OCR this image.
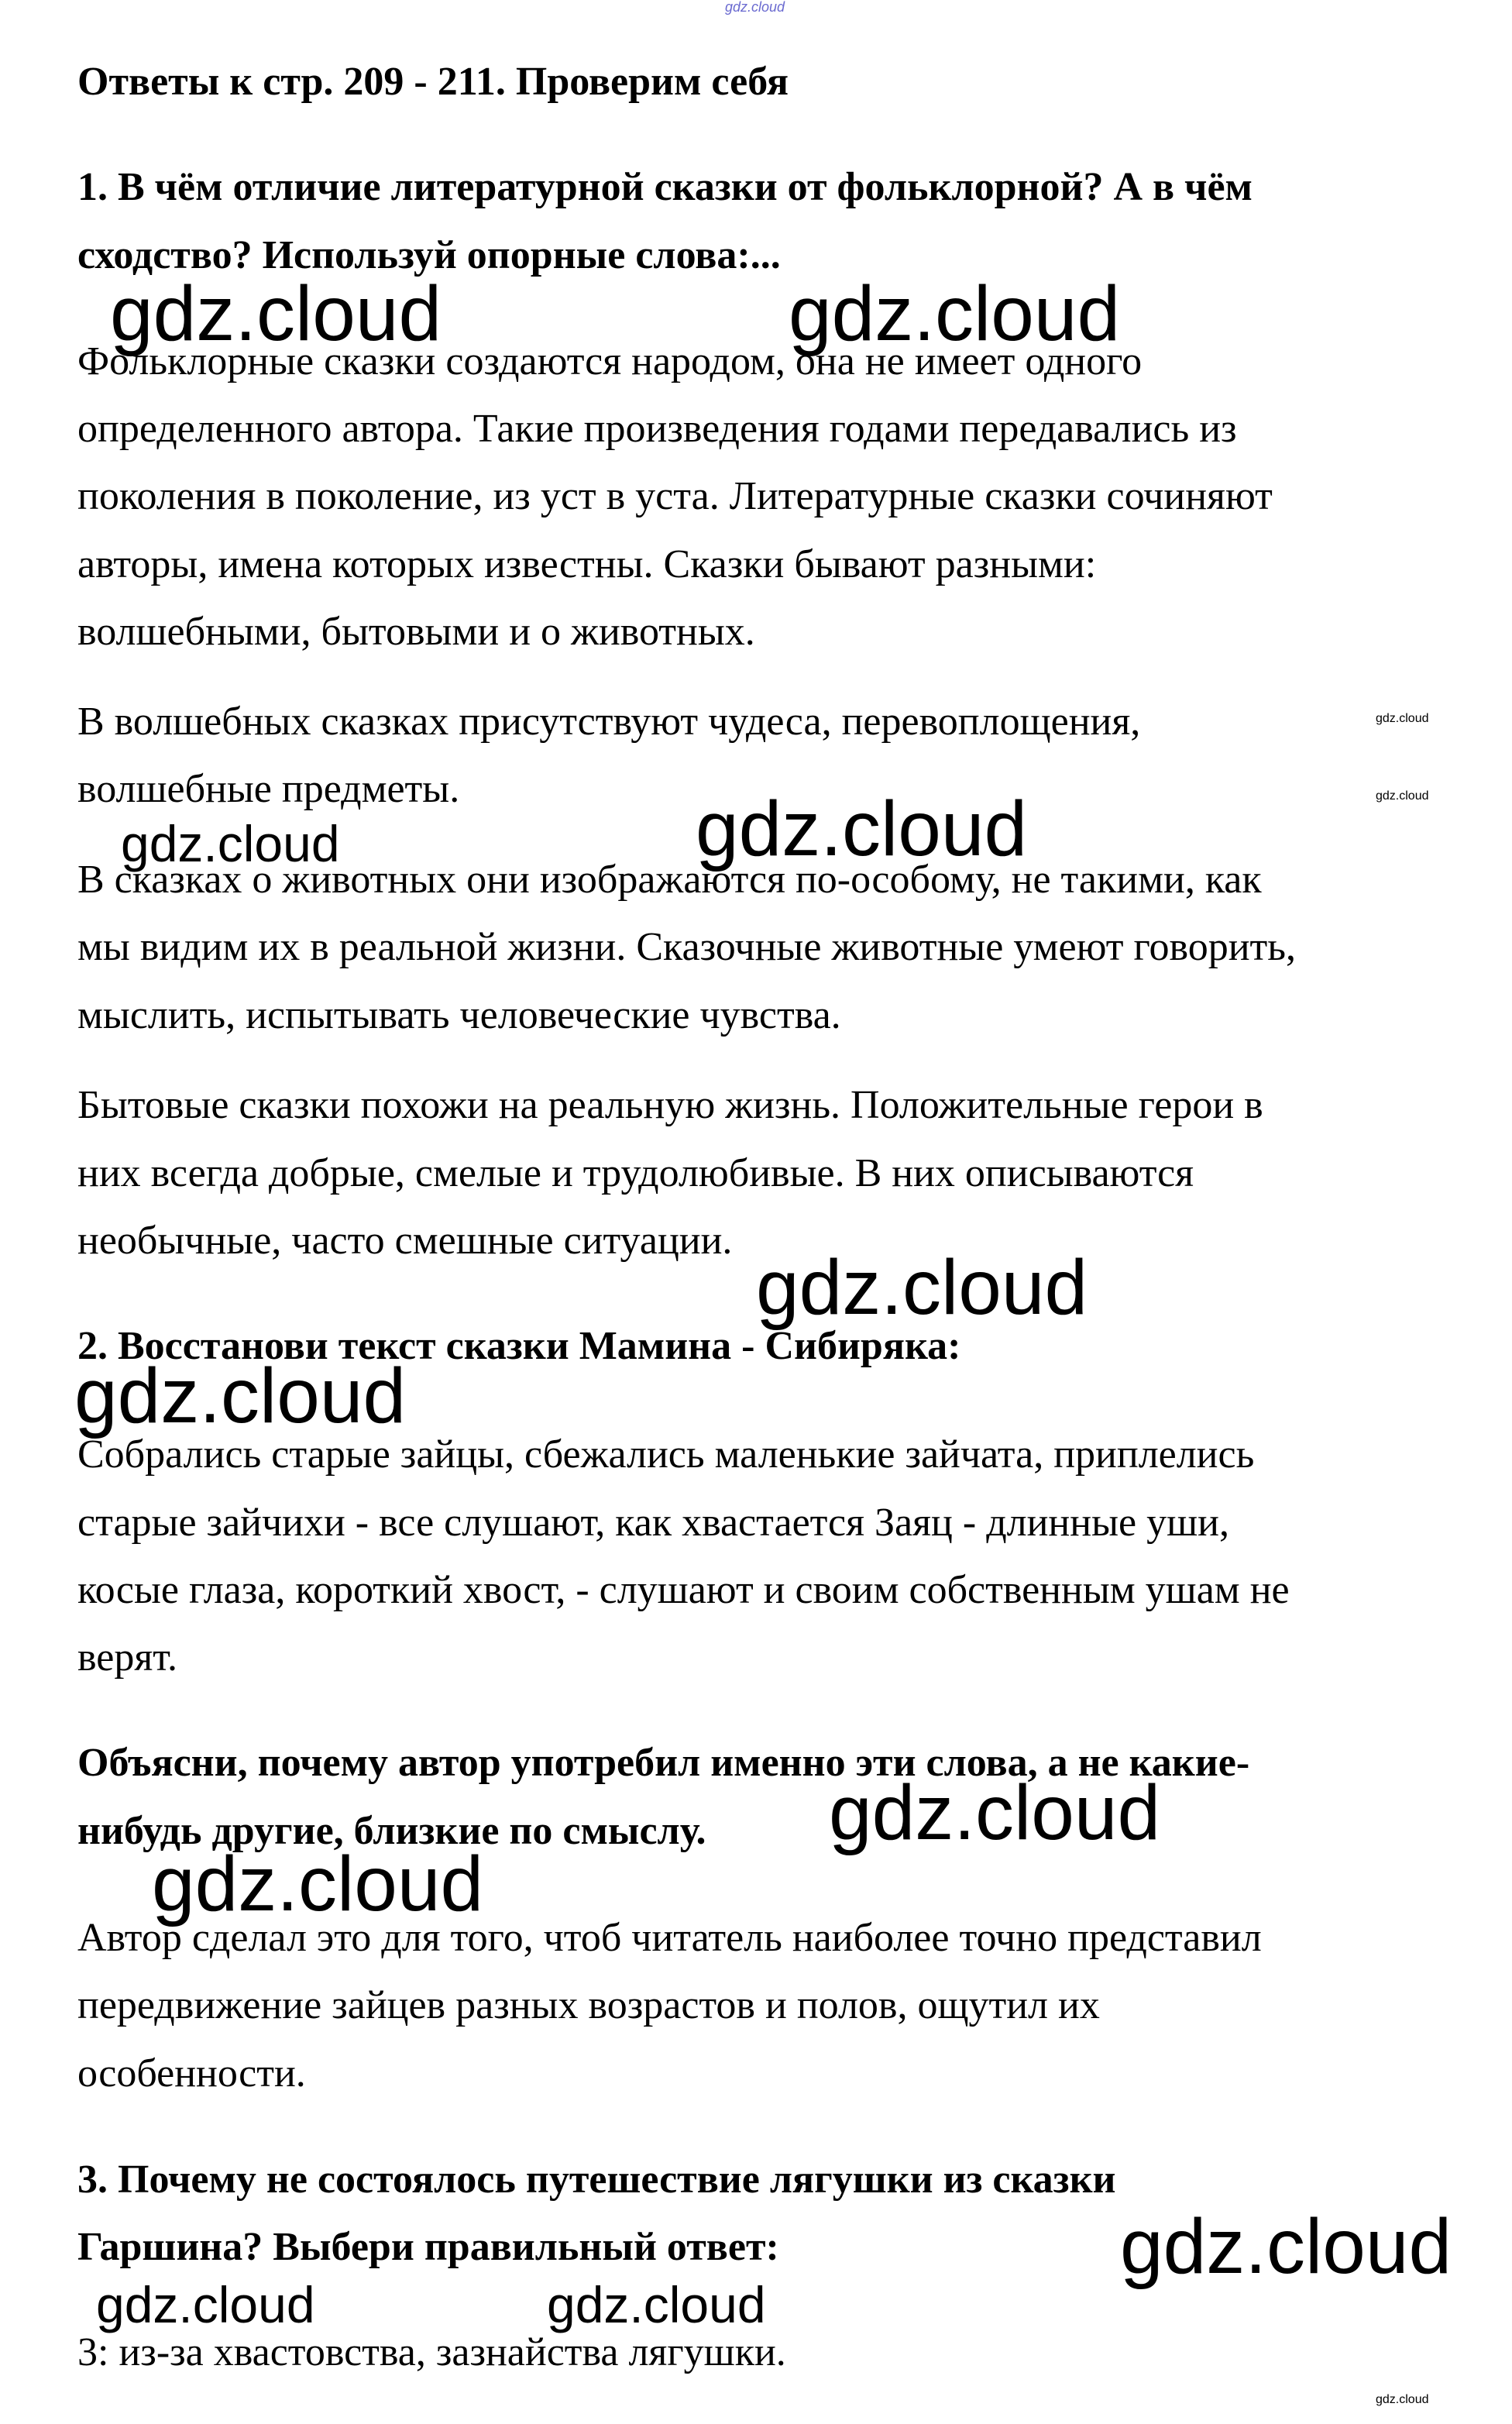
gdz.cloud

Ответы к стр. 209 - 211. Проверим себя

1. В чём отличие литературной сказки от фольклорной? А в чём

сходство? Используй опорные слова:...

Фольклорные сказки создаются народом, она не имеет одного

определенного автора. Такие произведения годами передавались из

поколения в поколение, из уст в уста. Литературные сказки сочиняют

авторы, имена которых известны. Сказки бывают разными:

волшебными, бытовыми и о животных.

В волшебных сказках присутствуют чудеса, перевоплощения,

волшебные предметы.

В сказках о животных они изображаются по-особому, не такими, как

мы видим их в реальной жизни. Сказочные животные умеют говорить,

мыслить, испытывать человеческие чувства.

Бытовые сказки похожи на реальную жизнь. Положительные герои в

них всегда добрые, смелые и трудолюбивые. В них описываются

необычные, часто смешные ситуации.

2. Восстанови текст сказки Мамина - Сибиряка:

Собрались старые зайцы, сбежались маленькие зайчата, приплелись

старые зайчихи - все слушают, как хвастается Заяц - длинные уши,

косые глаза, короткий хвост, - слушают и своим собственным ушам не

верят.

Объясни, почему автор употребил именно эти слова, а не какие-

нибудь другие, близкие по смыслу.

Автор сделал это для того, чтоб читатель наиболее точно представил

передвижение зайцев разных возрастов и полов, ощутил их

особенности.

3. Почему не состоялось путешествие лягушки из сказки

Гаршина? Выбери правильный ответ:

3: из-за хвастовства, зазнайства лягушки.

gdz.cloud	gdz.cloud

gdz.cloud

gdz.cloud

gdz.cloud	gdz.cloud

gdz.cloud

gdz.cloud

gdz.cloud

gdz.cloud

gdz.cloud

gdz.cloud	gdz.cloud

gdz.cloud
